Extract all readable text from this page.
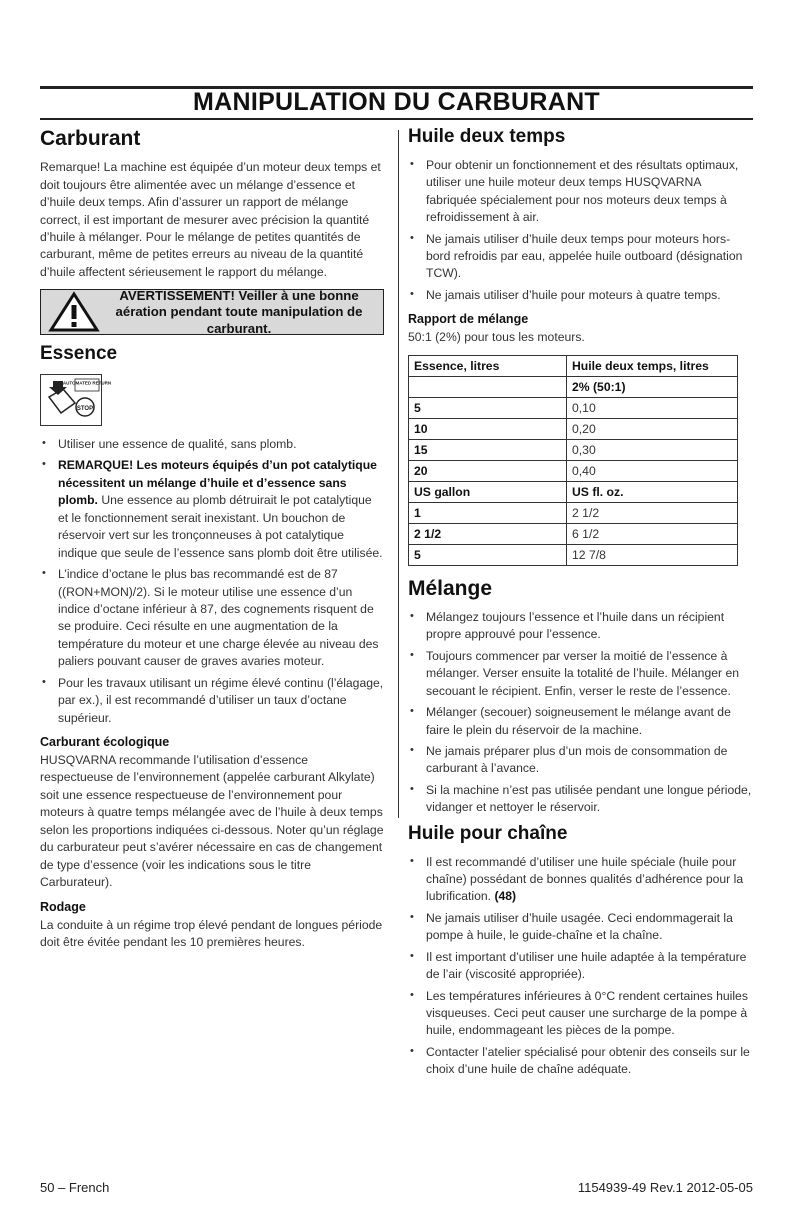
MANIPULATION DU CARBURANT
Carburant

Remarque! La machine est équipée d’un moteur deux temps et doit toujours être alimentée avec un mélange d’essence et d’huile deux temps. Afin d’assurer un rapport de mélange correct, il est important de mesurer avec précision la quantité d’huile à mélanger. Pour le mélange de petites quantités de carburant, même de petites erreurs au niveau de la quantité d’huile affectent sérieusement le rapport du mélange.

AVERTISSEMENT! Veiller à une bonne
aération pendant toute manipulation de
carburant.
Essence
AUTOMATED RETURN
STOP
• Utiliser une essence de qualité, sans plomb.
• REMARQUE! Les moteurs équipés d’un pot catalytique nécessitent un mélange d’huile et d’essence sans plomb. Une essence au plomb détruirait le pot catalytique et le fonctionnement serait inexistant. Un bouchon de réservoir vert sur les tronçonneuses à pot catalytique indique que seule de l’essence sans plomb doit être utilisée.
• L’indice d’octane le plus bas recommandé est de 87 ((RON+MON)/2). Si le moteur utilise une essence d’un indice d’octane inférieur à 87, des cognements risquent de se produire. Ceci résulte en une augmentation de la température du moteur et une charge élevée au niveau des paliers pouvant causer de graves avaries moteur.
• Pour les travaux utilisant un régime élevé continu (l’élagage, par ex.), il est recommandé d’utiliser un taux d’octane supérieur.
Carburant écologique

HUSQVARNA recommande l’utilisation d’essence respectueuse de l’environnement (appelée carburant Alkylate) soit une essence respectueuse de l’environnement pour moteurs à quatre temps mélangée avec de l’huile à deux temps selon les proportions indiquées ci-dessous. Noter qu’un réglage du carburateur peut s’avérer nécessaire en cas de changement de type d’essence (voir les indications sous le titre Carburateur).

Rodage

La conduite à un régime trop élevé pendant de longues période doit être évitée pendant les 10 premières heures.

Huile deux temps
• Pour obtenir un fonctionnement et des résultats optimaux, utiliser une huile moteur deux temps HUSQVARNA fabriquée spécialement pour nos moteurs deux temps à refroidissement à air.
• Ne jamais utiliser d’huile deux temps pour moteurs hors-bord refroidis par eau, appelée huile outboard (désignation TCW).
• Ne jamais utiliser d’huile pour moteurs à quatre temps.
Rapport de mélange

50:1 (2%) pour tous les moteurs.

Essence, litres	Huile deux temps, litres
	2% (50:1)
5	0,10
10	0,20
15	0,30
20	0,40
US gallon	US fl. oz.
1	2 1/2
2 1/2	6 1/2
5	12 7/8
Mélange
• Mélangez toujours l’essence et l’huile dans un récipient propre approuvé pour l’essence.
• Toujours commencer par verser la moitié de l’essence à mélanger. Verser ensuite la totalité de l’huile. Mélanger en secouant le récipient. Enfin, verser le reste de l’essence.
• Mélanger (secouer) soigneusement le mélange avant de faire le plein du réservoir de la machine.
• Ne jamais préparer plus d’un mois de consommation de carburant à l’avance.
• Si la machine n’est pas utilisée pendant une longue période, vidanger et nettoyer le réservoir.
Huile pour chaîne
• Il est recommandé d’utiliser une huile spéciale (huile pour chaîne) possédant de bonnes qualités d’adhérence pour la lubrification. (48)
• Ne jamais utiliser d’huile usagée. Ceci endommagerait la pompe à huile, le guide-chaîne et la chaîne.
• Il est important d’utiliser une huile adaptée à la température de l’air (viscosité appropriée).
• Les températures inférieures à 0°C rendent certaines huiles visqueuses. Ceci peut causer une surcharge de la pompe à huile, endommageant les pièces de la pompe.
• Contacter l’atelier spécialisé pour obtenir des conseils sur le choix d’une huile de chaîne adéquate.
50 – French	1154939-49 Rev.1 2012-05-05
